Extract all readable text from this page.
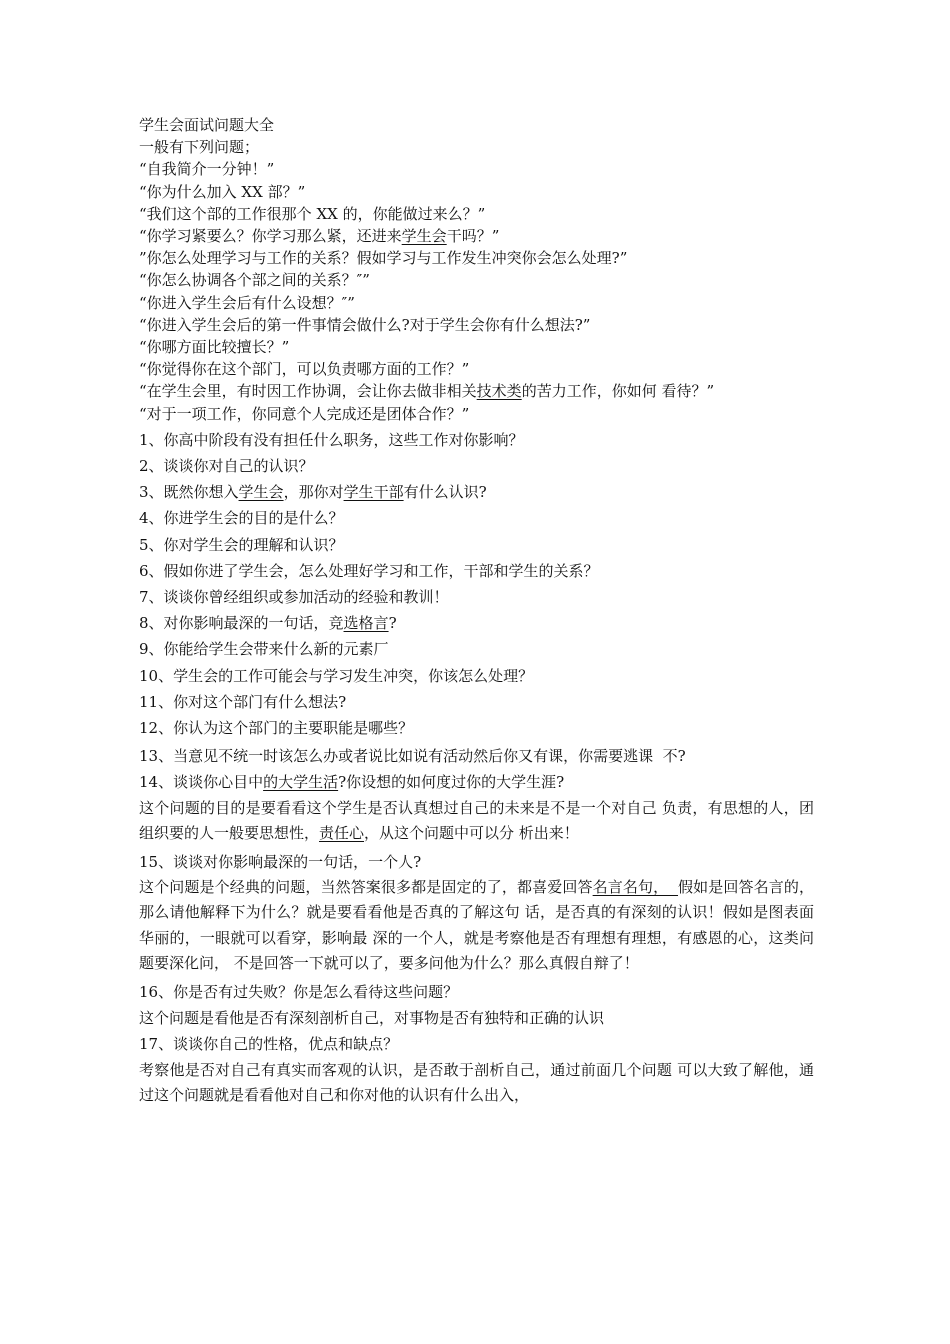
学生会面试问题大全
一般有下列问题；
“自我简介一分钟！”
“你为什么加入 XX 部？”
“我们这个部的工作很那个 XX 的，你能做过来么？”
“你学习紧要么？你学习那么紧，还进来学生会干吗？”
”你怎么处理学习与工作的关系？假如学习与工作发生冲突你会怎么处理?”
“你怎么协调各个部之间的关系？″”
“你进入学生会后有什么设想？″”
“你进入学生会后的第一件事情会做什么?对于学生会你有什么想法?”
“你哪方面比较擅长？”
“你觉得你在这个部门，可以负责哪方面的工作？”
“在学生会里，有时因工作协调，会让你去做非相关技术类的苦力工作，你如何 看待？”
“对于一项工作，你同意个人完成还是团体合作？”
1、你高中阶段有没有担任什么职务，这些工作对你影响？
2、谈谈你对自己的认识？
3、既然你想入学生会，那你对学生干部有什么认识?
4、你进学生会的目的是什么？
5、你对学生会的理解和认识？
6、假如你进了学生会，怎么处理好学习和工作，干部和学生的关系？
7、谈谈你曾经组织或参加活动的经验和教训！
8、对你影响最深的一句话，竞选格言?
9、你能给学生会带来什么新的元素厂
10、学生会的工作可能会与学习发生冲突，你该怎么处理？
11、你对这个部门有什么想法?
12、你认为这个部门的主要职能是哪些？
13、当意见不统一时该怎么办或者说比如说有活动然后你又有课，你需要逃课  不?
14、谈谈你心目中的大学生活?你设想的如何度过你的大学生涯?
这个问题的目的是要看看这个学生是否认真想过自己的未来是不是一个对自己 负责，有思想的人，团组织要的人一般要思想性，责任心，从这个问题中可以分 析出来！
15、谈谈对你影响最深的一句话，一个人?
这个问题是个经典的问题，当然答案很多都是固定的了，都喜爱回答名言名句，  假如是回答名言的，那么请他解释下为什么？就是要看看他是否真的了解这句 话，是否真的有深刻的认识！假如是图表面华丽的，一眼就可以看穿，影响最 深的一个人，就是考察他是否有理想有理想，有感恩的心，这类问题要深化问， 不是回答一下就可以了，要多问他为什么？那么真假自辩了！
16、你是否有过失败？你是怎么看待这些问题？
这个问题是看他是否有深刻剖析自己，对事物是否有独特和正确的认识
17、谈谈你自己的性格，优点和缺点？
考察他是否对自己有真实而客观的认识，是否敢于剖析自己，通过前面几个问题 可以大致了解他，通过这个问题就是看看他对自己和你对他的认识有什么出入，
